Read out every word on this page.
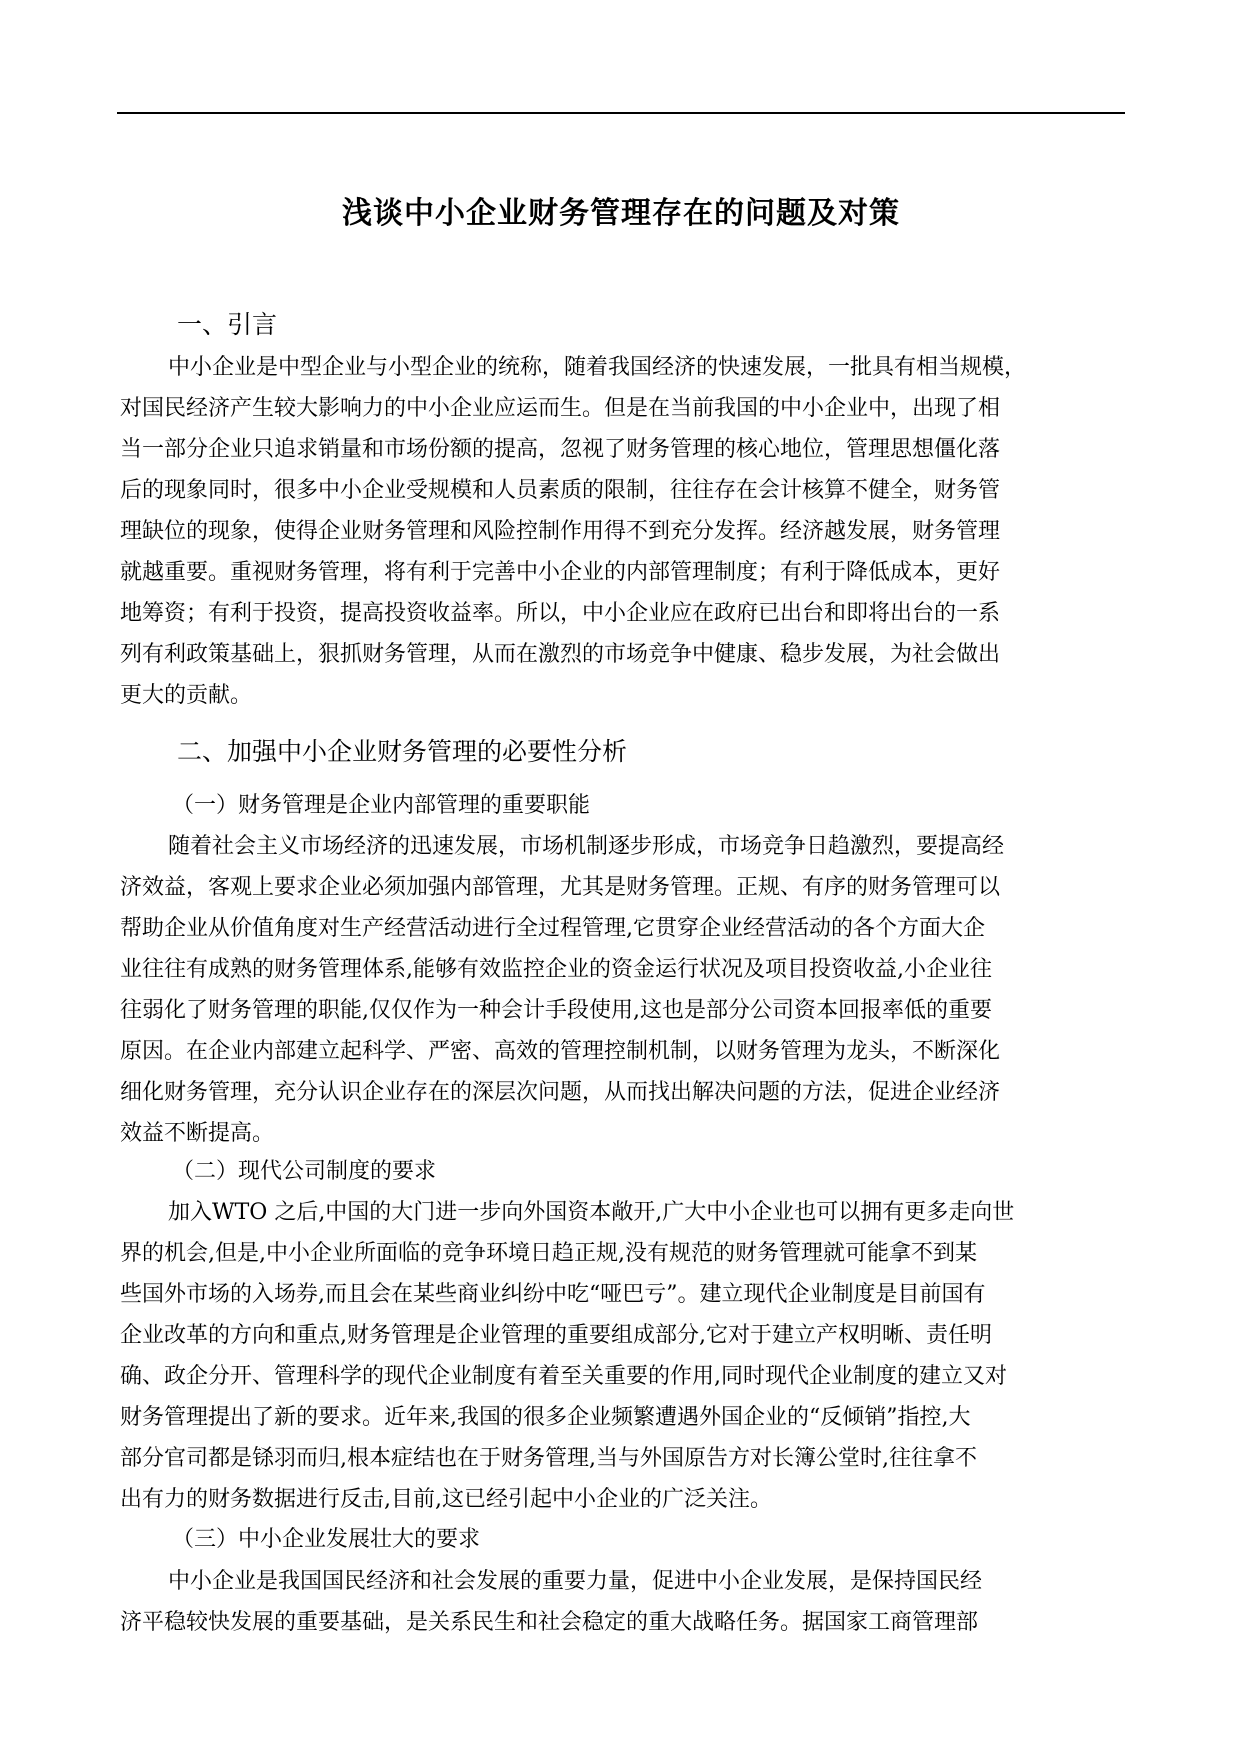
浅谈中小企业财务管理存在的问题及对策
一、引言
中小企业是中型企业与小型企业的统称，随着我国经济的快速发展，一批具有相当规模，
对国民经济产生较大影响力的中小企业应运而生。但是在当前我国的中小企业中，出现了相
当一部分企业只追求销量和市场份额的提高，忽视了财务管理的核心地位，管理思想僵化落
后的现象同时，很多中小企业受规模和人员素质的限制，往往存在会计核算不健全，财务管
理缺位的现象，使得企业财务管理和风险控制作用得不到充分发挥。经济越发展，财务管理
就越重要。重视财务管理，将有利于完善中小企业的内部管理制度；有利于降低成本，更好
地筹资；有利于投资，提高投资收益率。所以，中小企业应在政府已出台和即将出台的一系
列有利政策基础上，狠抓财务管理，从而在激烈的市场竞争中健康、稳步发展，为社会做出
更大的贡献。
二、加强中小企业财务管理的必要性分析
（一）财务管理是企业内部管理的重要职能
随着社会主义市场经济的迅速发展，市场机制逐步形成，市场竞争日趋激烈，要提高经
济效益，客观上要求企业必须加强内部管理，尤其是财务管理。正规、有序的财务管理可以
帮助企业从价值角度对生产经营活动进行全过程管理,它贯穿企业经营活动的各个方面大企
业往往有成熟的财务管理体系,能够有效监控企业的资金运行状况及项目投资收益,小企业往
往弱化了财务管理的职能,仅仅作为一种会计手段使用,这也是部分公司资本回报率低的重要
原因。在企业内部建立起科学、严密、高效的管理控制机制，以财务管理为龙头，不断深化
细化财务管理，充分认识企业存在的深层次问题，从而找出解决问题的方法，促进企业经济
效益不断提高。
（二）现代公司制度的要求
加入WTO 之后,中国的大门进一步向外国资本敞开,广大中小企业也可以拥有更多走向世
界的机会,但是,中小企业所面临的竞争环境日趋正规,没有规范的财务管理就可能拿不到某
些国外市场的入场券,而且会在某些商业纠纷中吃“哑巴亏”。建立现代企业制度是目前国有
企业改革的方向和重点,财务管理是企业管理的重要组成部分,它对于建立产权明晰、责任明
确、政企分开、管理科学的现代企业制度有着至关重要的作用,同时现代企业制度的建立又对
财务管理提出了新的要求。近年来,我国的很多企业频繁遭遇外国企业的“反倾销”指控,大
部分官司都是铩羽而归,根本症结也在于财务管理,当与外国原告方对长簿公堂时,往往拿不
出有力的财务数据进行反击,目前,这已经引起中小企业的广泛关注。
（三）中小企业发展壮大的要求
中小企业是我国国民经济和社会发展的重要力量，促进中小企业发展，是保持国民经
济平稳较快发展的重要基础，是关系民生和社会稳定的重大战略任务。据国家工商管理部
